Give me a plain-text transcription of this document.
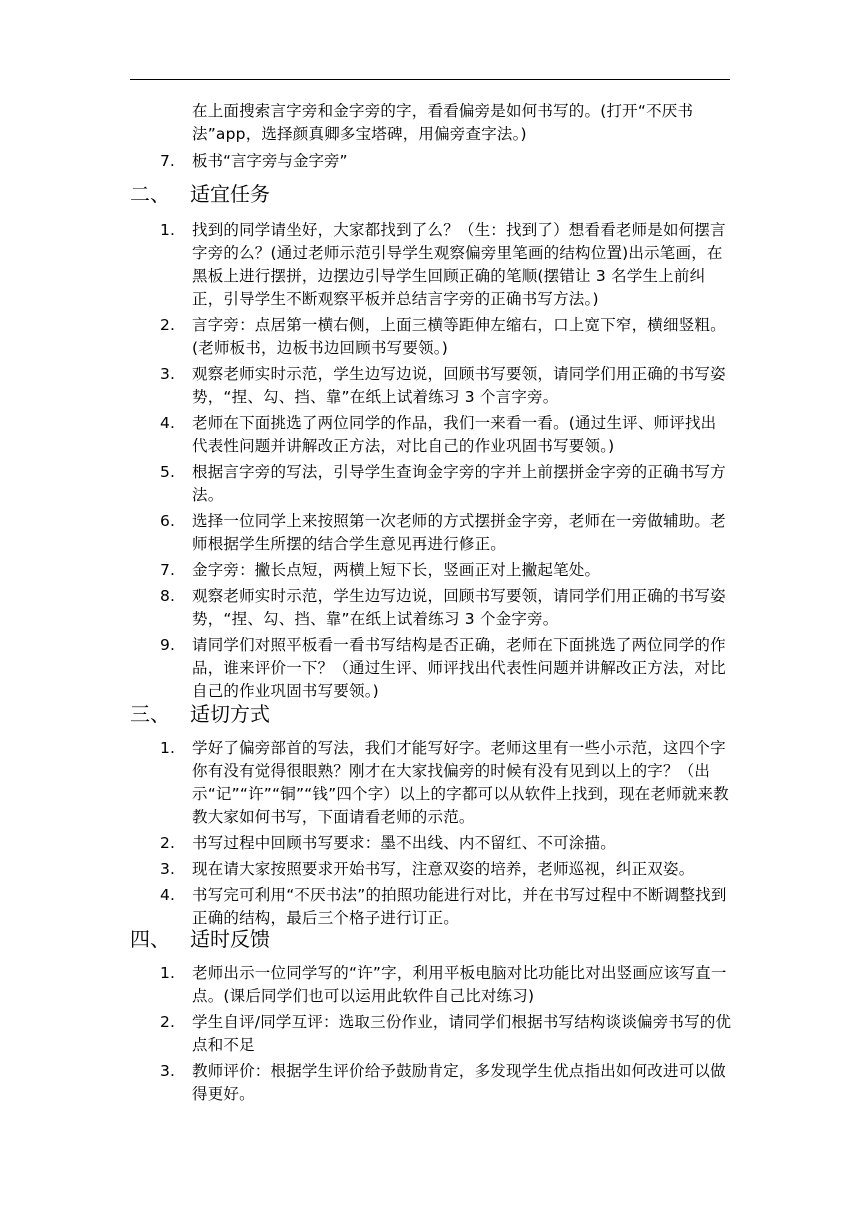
在上面搜索言字旁和金字旁的字，看看偏旁是如何书写的。(打开“不厌书法”app，选择颜真卿多宝塔碑，用偏旁查字法。)
7. 板书“言字旁与金字旁”
二、 适宜任务
1.	找到的同学请坐好，大家都找到了么？（生：找到了）想看看老师是如何摆言字旁的么？(通过老师示范引导学生观察偏旁里笔画的结构位置)出示笔画，在黑板上进行摆拼，边摆边引导学生回顾正确的笔顺(摆错让 3 名学生上前纠正，引导学生不断观察平板并总结言字旁的正确书写方法。)
2.	言字旁：点居第一横右侧，上面三横等距伸左缩右，口上宽下窄，横细竖粗。(老师板书，边板书边回顾书写要领。)
3.	观察老师实时示范，学生边写边说，回顾书写要领，请同学们用正确的书写姿势，“捏、勾、挡、靠”在纸上试着练习 3 个言字旁。
4.	老师在下面挑选了两位同学的作品，我们一来看一看。(通过生评、师评找出代表性问题并讲解改正方法，对比自己的作业巩固书写要领。)
5.	根据言字旁的写法，引导学生查询金字旁的字并上前摆拼金字旁的正确书写方法。
6.	选择一位同学上来按照第一次老师的方式摆拼金字旁，老师在一旁做辅助。老师根据学生所摆的结合学生意见再进行修正。
7.	金字旁：撇长点短，两横上短下长，竖画正对上撇起笔处。
8.	观察老师实时示范，学生边写边说，回顾书写要领，请同学们用正确的书写姿势，“捏、勾、挡、靠”在纸上试着练习 3 个金字旁。
9.	请同学们对照平板看一看书写结构是否正确，老师在下面挑选了两位同学的作品，谁来评价一下？（通过生评、师评找出代表性问题并讲解改正方法，对比自己的作业巩固书写要领。)
三、 适切方式
1.	学好了偏旁部首的写法，我们才能写好字。老师这里有一些小示范，这四个字你有没有觉得很眼熟？刚才在大家找偏旁的时候有没有见到以上的字？（出示“记”“许”“铜”“钱”四个字）以上的字都可以从软件上找到，现在老师就来教教大家如何书写，下面请看老师的示范。
2.	书写过程中回顾书写要求：墨不出线、内不留红、不可涂描。
3.	现在请大家按照要求开始书写，注意双姿的培养，老师巡视，纠正双姿。
4.	书写完可利用“不厌书法”的拍照功能进行对比，并在书写过程中不断调整找到正确的结构，最后三个格子进行订正。
四、 适时反馈
1.	老师出示一位同学写的“许”字，利用平板电脑对比功能比对出竖画应该写直一点。(课后同学们也可以运用此软件自己比对练习)
2.	学生自评/同学互评：选取三份作业，请同学们根据书写结构谈谈偏旁书写的优点和不足
3.	教师评价：根据学生评价给予鼓励肯定，多发现学生优点指出如何改进可以做得更好。
